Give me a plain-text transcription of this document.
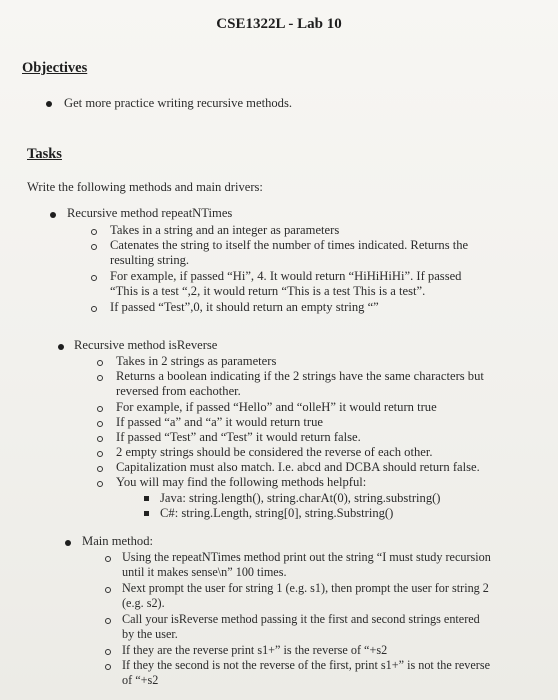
CSE1322L - Lab 10
Objectives
Get more practice writing recursive methods.
Tasks
Write the following methods and main drivers:
Recursive method repeatNTimes
Takes in a string and an integer as parameters
Catenates the string to itself the number of times indicated. Returns the
resulting string.
For example, if passed “Hi”, 4. It would return “HiHiHiHi”. If passed
“This is a test “,2, it would return “This is a test This is a test”.
If passed “Test”,0, it should return an empty string “”
Recursive method isReverse
Takes in 2 strings as parameters
Returns a boolean indicating if the 2 strings have the same characters but
reversed from eachother.
For example, if passed “Hello” and “olleH” it would return true
If passed “a” and “a” it would return true
If passed “Test” and “Test” it would return false.
2 empty strings should be considered the reverse of each other.
Capitalization must also match. I.e. abcd and DCBA should return false.
You will may find the following methods helpful:
Java: string.length(), string.charAt(0), string.substring()
C#: string.Length, string[0], string.Substring()
Main method:
Using the repeatNTimes method print out the string “I must study recursion
until it makes sense\n” 100 times.
Next prompt the user for string 1 (e.g. s1), then prompt the user for string 2
(e.g. s2).
Call your isReverse method passing it the first and second strings entered
by the user.
If they are the reverse print s1+” is the reverse of “+s2
If they the second is not the reverse of the first, print s1+” is not the reverse
of “+s2
